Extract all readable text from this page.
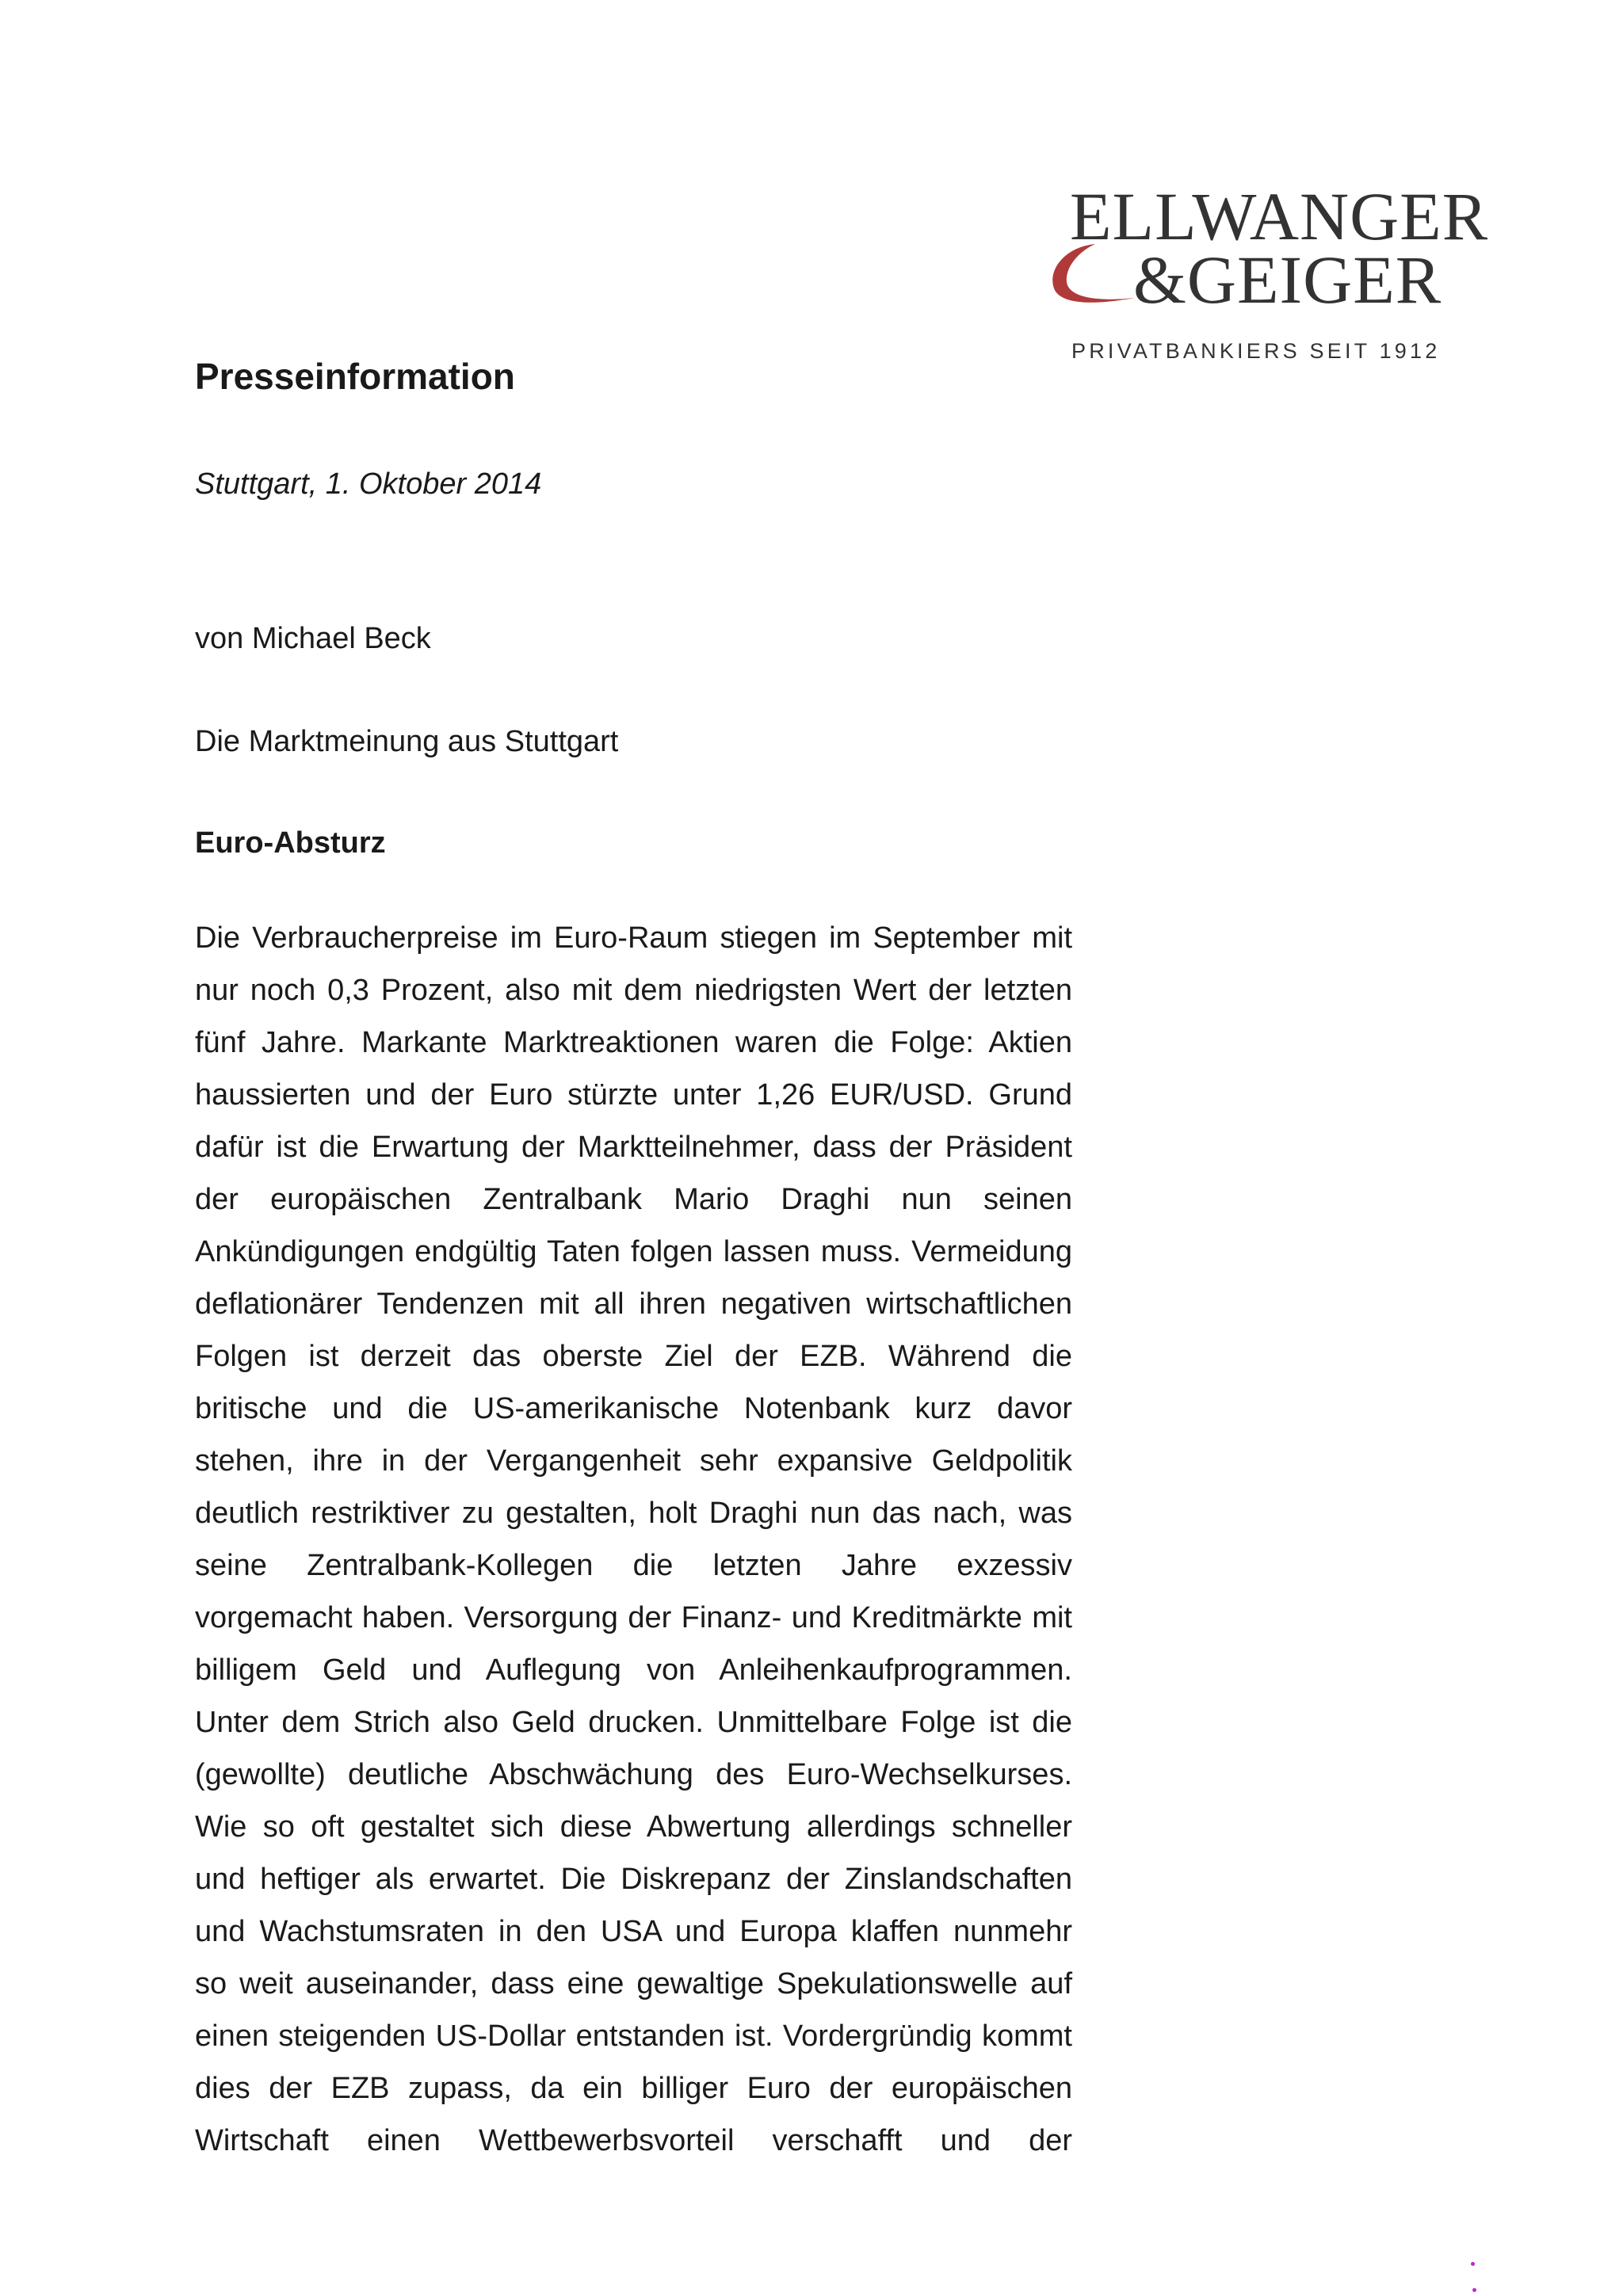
ELLWANGER
&GEIGER
PRIVATBANKIERS SEIT 1912
Presseinformation
Stuttgart, 1. Oktober 2014
von Michael Beck
Die Marktmeinung aus Stuttgart
Euro-Absturz
Die Verbraucherpreise im Euro-Raum stiegen im September mit
nur noch 0,3 Prozent, also mit dem niedrigsten Wert der letzten
fünf Jahre. Markante Marktreaktionen waren die Folge: Aktien
haussierten und der Euro stürzte unter 1,26 EUR/USD. Grund
dafür ist die Erwartung der Marktteilnehmer, dass der Präsident
der europäischen Zentralbank Mario Draghi nun seinen
Ankündigungen endgültig Taten folgen lassen muss. Vermeidung
deflationärer Tendenzen mit all ihren negativen wirtschaftlichen
Folgen ist derzeit das oberste Ziel der EZB. Während die
britische und die US-amerikanische Notenbank kurz davor
stehen, ihre in der Vergangenheit sehr expansive Geldpolitik
deutlich restriktiver zu gestalten, holt Draghi nun das nach, was
seine Zentralbank-Kollegen die letzten Jahre exzessiv
vorgemacht haben. Versorgung der Finanz- und Kreditmärkte mit
billigem Geld und Auflegung von Anleihenkaufprogrammen.
Unter dem Strich also Geld drucken. Unmittelbare Folge ist die
(gewollte) deutliche Abschwächung des Euro-Wechselkurses.
Wie so oft gestaltet sich diese Abwertung allerdings schneller
und heftiger als erwartet. Die Diskrepanz der Zinslandschaften
und Wachstumsraten in den USA und Europa klaffen nunmehr
so weit auseinander, dass eine gewaltige Spekulationswelle auf
einen steigenden US-Dollar entstanden ist. Vordergründig kommt
dies der EZB zupass, da ein billiger Euro der europäischen
Wirtschaft einen Wettbewerbsvorteil verschafft und der
